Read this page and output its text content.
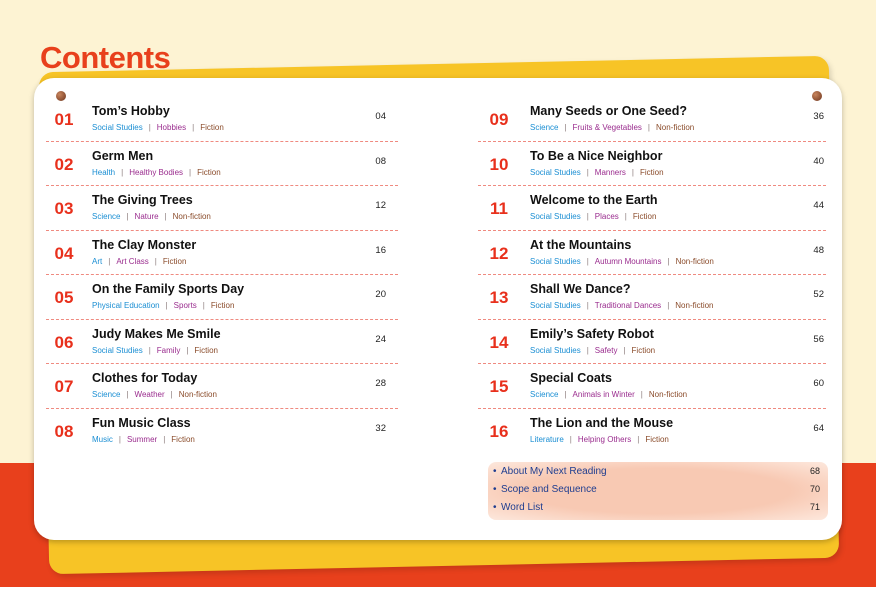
Contents
01	Tom’s Hobby
Social Studies | Hobbies | Fiction
04
02	Germ Men
Health | Healthy Bodies | Fiction
08
03	The Giving Trees
Science | Nature | Non-fiction
12
04	The Clay Monster
Art | Art Class | Fiction
16
05	On the Family Sports Day
Physical Education | Sports | Fiction
20
06	Judy Makes Me Smile
Social Studies | Family | Fiction
24
07	Clothes for Today
Science | Weather | Non-fiction
28
08	Fun Music Class
Music | Summer | Fiction
32
09	Many Seeds or One Seed?
Science | Fruits & Vegetables | Non-fiction
36
10	To Be a Nice Neighbor
Social Studies | Manners | Fiction
40
11	Welcome to the Earth
Social Studies | Places | Fiction
44
12	At the Mountains
Social Studies | Autumn Mountains | Non-fiction
48
13	Shall We Dance?
Social Studies | Traditional Dances | Non-fiction
52
14	Emily’s Safety Robot
Social Studies | Safety | Fiction
56
15	Special Coats
Science | Animals in Winter | Non-fiction
60
16	The Lion and the Mouse
Literature | Helping Others | Fiction
64
• About My Next Reading	68
• Scope and Sequence	70
• Word List	71
